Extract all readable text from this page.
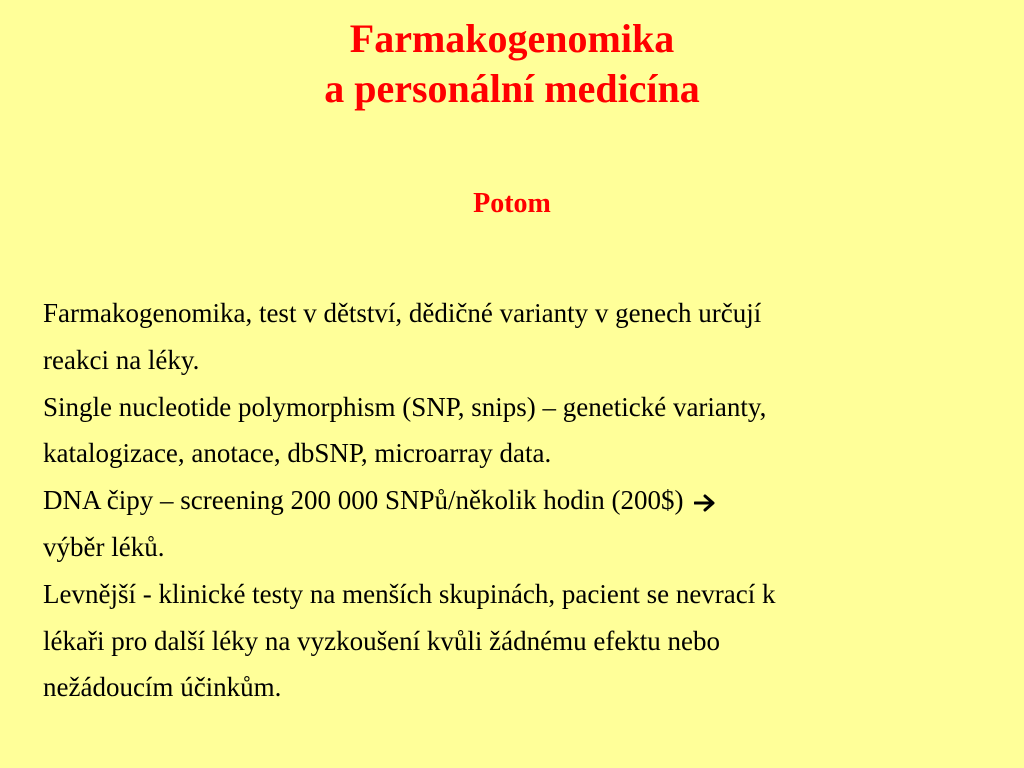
Farmakogenomika
a personální medicína
Potom
Farmakogenomika, test v dětství, dědičné varianty v genech určují
reakci na léky.
Single nucleotide polymorphism (SNP, snips) – genetické varianty,
katalogizace, anotace, dbSNP, microarray data.
DNA čipy – screening 200 000 SNPů/několik hodin (200$)
výběr léků.
Levnější - klinické testy na menších skupinách, pacient se nevrací k
lékaři pro další léky na vyzkoušení kvůli žádnému efektu nebo
nežádoucím účinkům.
